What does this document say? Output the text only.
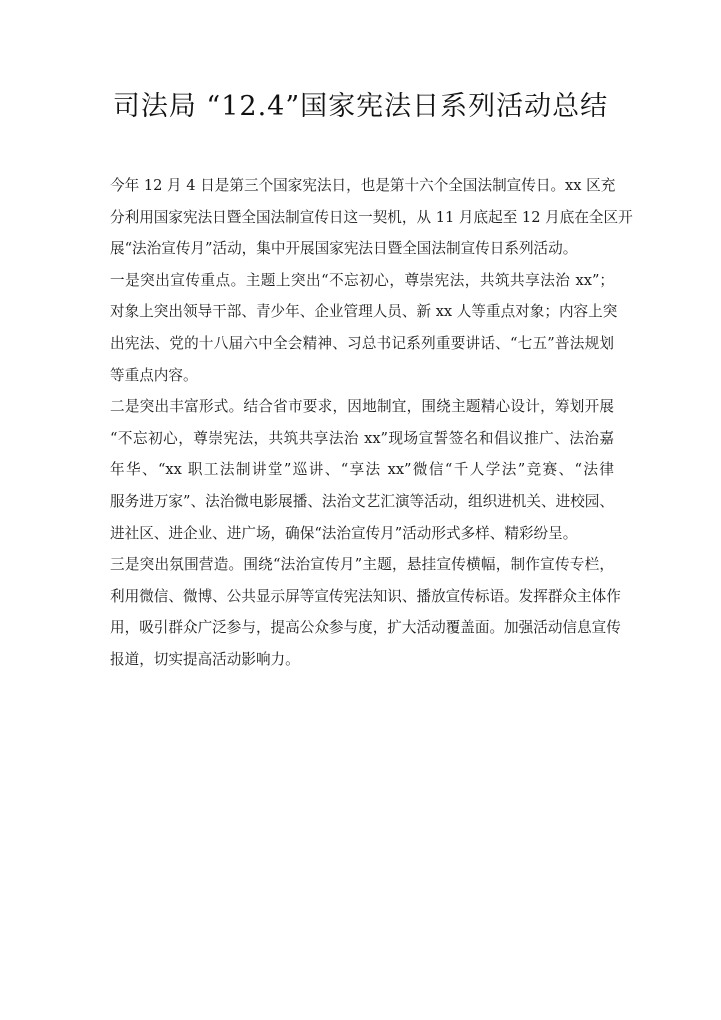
司法局 “12.4”国家宪法日系列活动总结
今年 12 月 4 日是第三个国家宪法日，也是第十六个全国法制宣传日。xx 区充
分利用国家宪法日暨全国法制宣传日这一契机，从 11 月底起至 12 月底在全区开
展“法治宣传月”活动，集中开展国家宪法日暨全国法制宣传日系列活动。
一是突出宣传重点。主题上突出“不忘初心，尊崇宪法，共筑共享法治 xx”；
对象上突出领导干部、青少年、企业管理人员、新 xx 人等重点对象；内容上突
出宪法、党的十八届六中全会精神、习总书记系列重要讲话、“七五”普法规划
等重点内容。
二是突出丰富形式。结合省市要求，因地制宜，围绕主题精心设计，筹划开展
“不忘初心，尊崇宪法，共筑共享法治 xx”现场宣誓签名和倡议推广、法治嘉
年华、“xx 职工法制讲堂”巡讲、“享法 xx”微信“千人学法”竞赛、“法律
服务进万家”、法治微电影展播、法治文艺汇演等活动，组织进机关、进校园、
进社区、进企业、进广场，确保“法治宣传月”活动形式多样、精彩纷呈。
三是突出氛围营造。围绕“法治宣传月”主题，悬挂宣传横幅，制作宣传专栏，
利用微信、微博、公共显示屏等宣传宪法知识、播放宣传标语。发挥群众主体作
用，吸引群众广泛参与，提高公众参与度，扩大活动覆盖面。加强活动信息宣传
报道，切实提高活动影响力。
